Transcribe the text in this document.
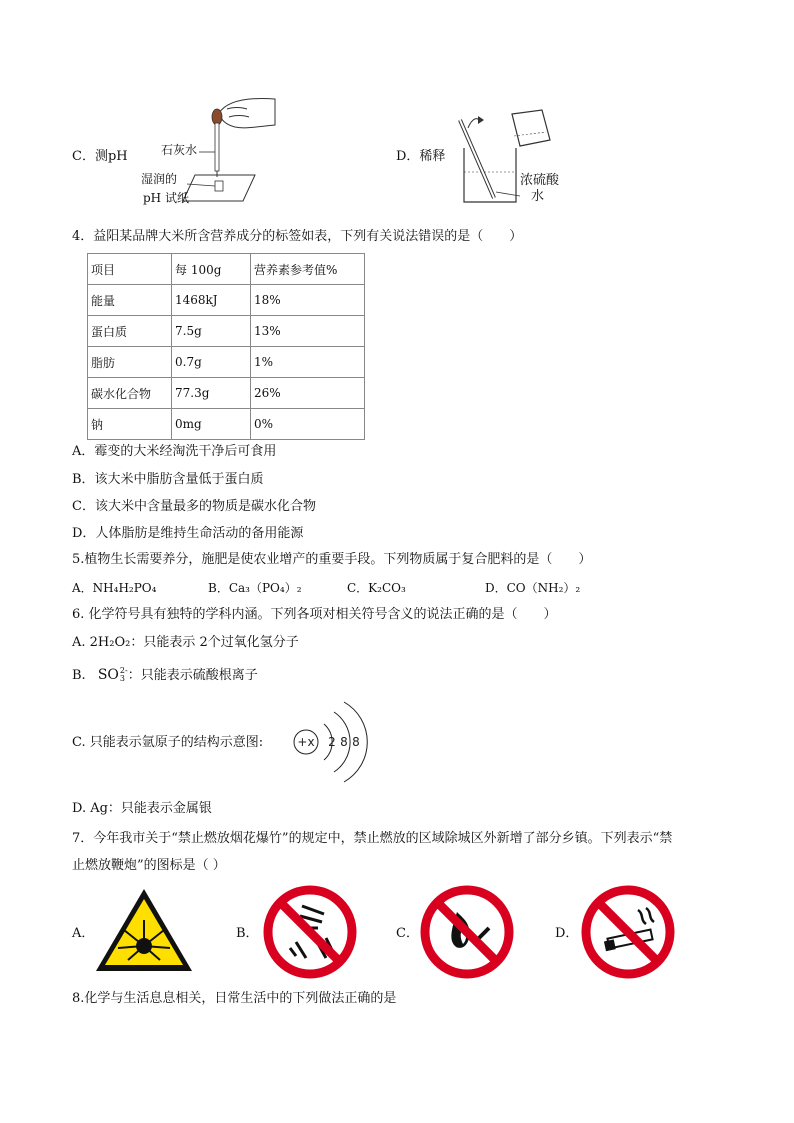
C．测pH	石灰水
湿润的
pH 试纸
D．稀释
浓硫酸
水
4．益阳某品牌大米所含营养成分的标签如表，下列有关说法错误的是（　　）
项目	每 100g	营养素参考值%
能量	1468kJ	18%
蛋白质	7.5g	13%
脂肪	0.7g	1%
碳水化合物	77.3g	26%
钠	0mg	0%
A．霉变的大米经淘洗干净后可食用
B．该大米中脂肪含量低于蛋白质
C．该大米中含量最多的物质是碳水化合物
D．人体脂肪是维持生命活动的备用能源
5.植物生长需要养分，施肥是使农业增产的重要手段。下列物质属于复合肥料的是（　　）
A．NH₄H₂PO₄	B．Ca₃（PO₄）₂	C．K₂CO₃	D．CO（NH₂）₂
6. 化学符号具有独特的学科内涵。下列各项对相关符号含义的说法正确的是（　　）
A. 2H₂O₂：只能表示 2个过氧化氢分子
B. SO2-
3 ：只能表示硫酸根离子
C. 只能表示氩原子的结构示意图:	+x 2 8 8
D. Ag：只能表示金属银
7．今年我市关于“禁止燃放烟花爆竹”的规定中，禁止燃放的区域除城区外新增了部分乡镇。下列表示“禁
止燃放鞭炮”的图标是（ ）
A．	B．	C．	D．
8.化学与生活息息相关，日常生活中的下列做法正确的是
